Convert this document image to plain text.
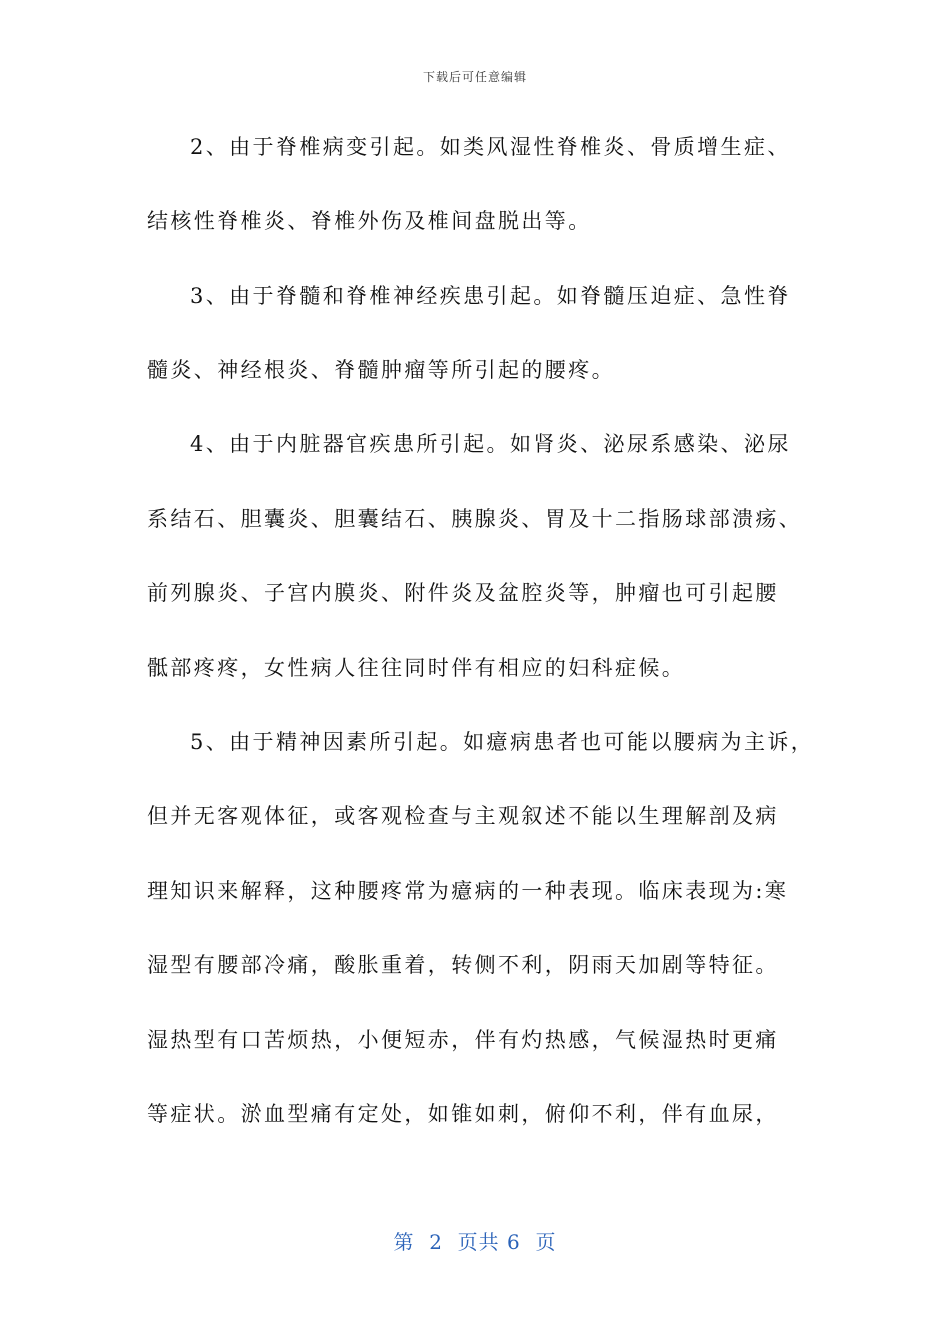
下载后可任意编辑
2、由于脊椎病变引起。如类风湿性脊椎炎、骨质增生症、
结核性脊椎炎、脊椎外伤及椎间盘脱出等。
3、由于脊髓和脊椎神经疾患引起。如脊髓压迫症、急性脊
髓炎、神经根炎、脊髓肿瘤等所引起的腰疼。
4、由于内脏器官疾患所引起。如肾炎、泌尿系感染、泌尿
系结石、胆囊炎、胆囊结石、胰腺炎、胃及十二指肠球部溃疡、
前列腺炎、子宫内膜炎、附件炎及盆腔炎等，肿瘤也可引起腰
骶部疼疼，女性病人往往同时伴有相应的妇科症候。
5、由于精神因素所引起。如癔病患者也可能以腰病为主诉，
但并无客观体征，或客观检查与主观叙述不能以生理解剖及病
理知识来解释，这种腰疼常为癔病的一种表现。临床表现为:寒
湿型有腰部冷痛，酸胀重着，转侧不利，阴雨天加剧等特征。
湿热型有口苦烦热，小便短赤，伴有灼热感，气候湿热时更痛
等症状。淤血型痛有定处，如锥如刺，俯仰不利，伴有血尿，
第  2  页共 6  页
